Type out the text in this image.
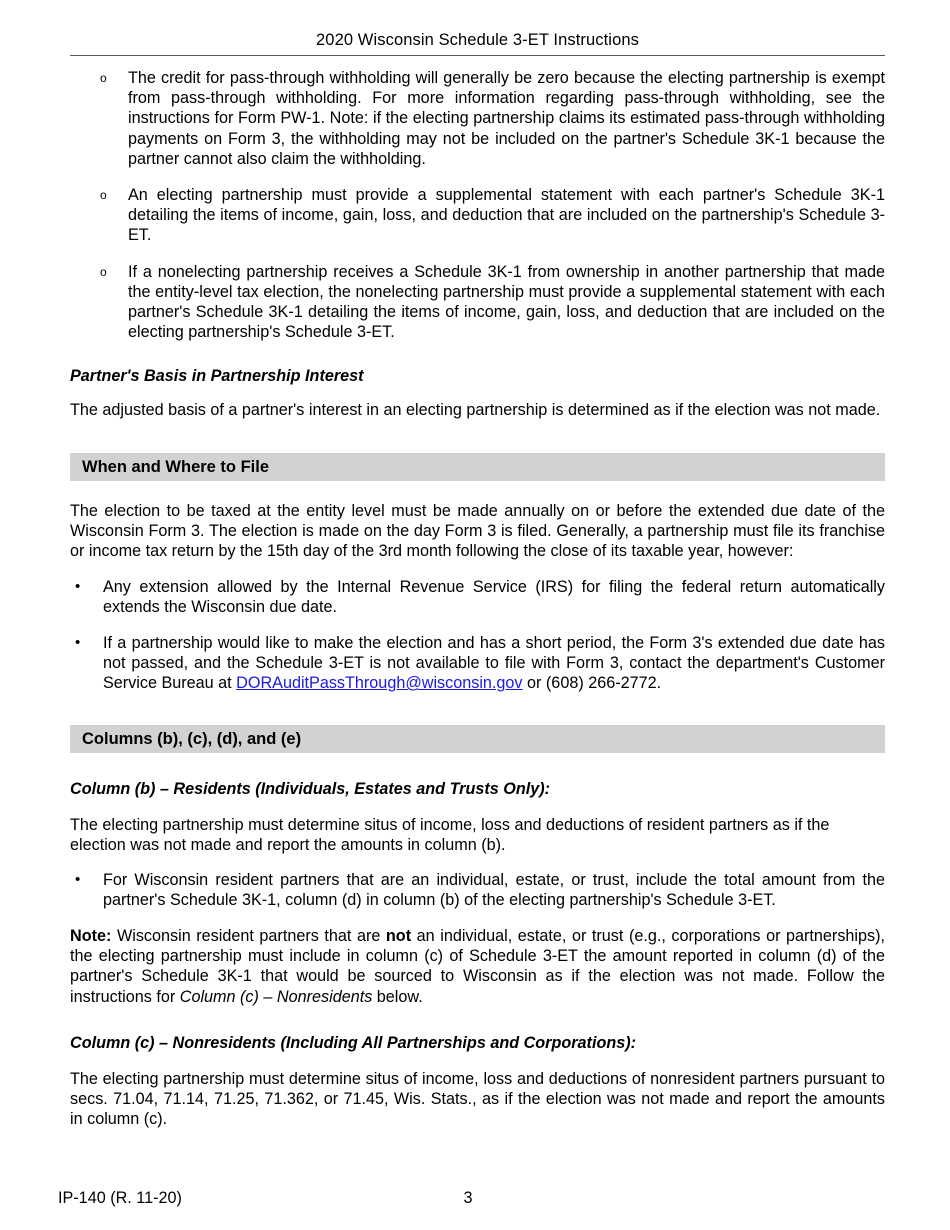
2020 Wisconsin Schedule 3-ET Instructions
o The credit for pass-through withholding will generally be zero because the electing partnership is exempt from pass-through withholding. For more information regarding pass-through withholding, see the instructions for Form PW-1. Note: if the electing partnership claims its estimated pass-through withholding payments on Form 3, the withholding may not be included on the partner's Schedule 3K-1 because the partner cannot also claim the withholding.
o An electing partnership must provide a supplemental statement with each partner's Schedule 3K-1 detailing the items of income, gain, loss, and deduction that are included on the partnership's Schedule 3-ET.
o If a nonelecting partnership receives a Schedule 3K-1 from ownership in another partnership that made the entity-level tax election, the nonelecting partnership must provide a supplemental statement with each partner's Schedule 3K-1 detailing the items of income, gain, loss, and deduction that are included on the electing partnership's Schedule 3-ET.
Partner's Basis in Partnership Interest
The adjusted basis of a partner's interest in an electing partnership is determined as if the election was not made.
When and Where to File
The election to be taxed at the entity level must be made annually on or before the extended due date of the Wisconsin Form 3. The election is made on the day Form 3 is filed. Generally, a partnership must file its franchise or income tax return by the 15th day of the 3rd month following the close of its taxable year, however:
• Any extension allowed by the Internal Revenue Service (IRS) for filing the federal return automatically extends the Wisconsin due date.
• If a partnership would like to make the election and has a short period, the Form 3's extended due date has not passed, and the Schedule 3-ET is not available to file with Form 3, contact the department's Customer Service Bureau at DORAuditPassThrough@wisconsin.gov or (608) 266-2772.
Columns (b), (c), (d), and (e)
Column (b) – Residents (Individuals, Estates and Trusts Only):
The electing partnership must determine situs of income, loss and deductions of resident partners as if the election was not made and report the amounts in column (b).
• For Wisconsin resident partners that are an individual, estate, or trust, include the total amount from the partner's Schedule 3K-1, column (d) in column (b) of the electing partnership's Schedule 3-ET.
Note: Wisconsin resident partners that are not an individual, estate, or trust (e.g., corporations or partnerships), the electing partnership must include in column (c) of Schedule 3-ET the amount reported in column (d) of the partner's Schedule 3K-1 that would be sourced to Wisconsin as if the election was not made. Follow the instructions for Column (c) – Nonresidents below.
Column (c) – Nonresidents (Including All Partnerships and Corporations):
The electing partnership must determine situs of income, loss and deductions of nonresident partners pursuant to secs. 71.04, 71.14, 71.25, 71.362, or 71.45, Wis. Stats., as if the election was not made and report the amounts in column (c).
IP-140 (R. 11-20)	3
